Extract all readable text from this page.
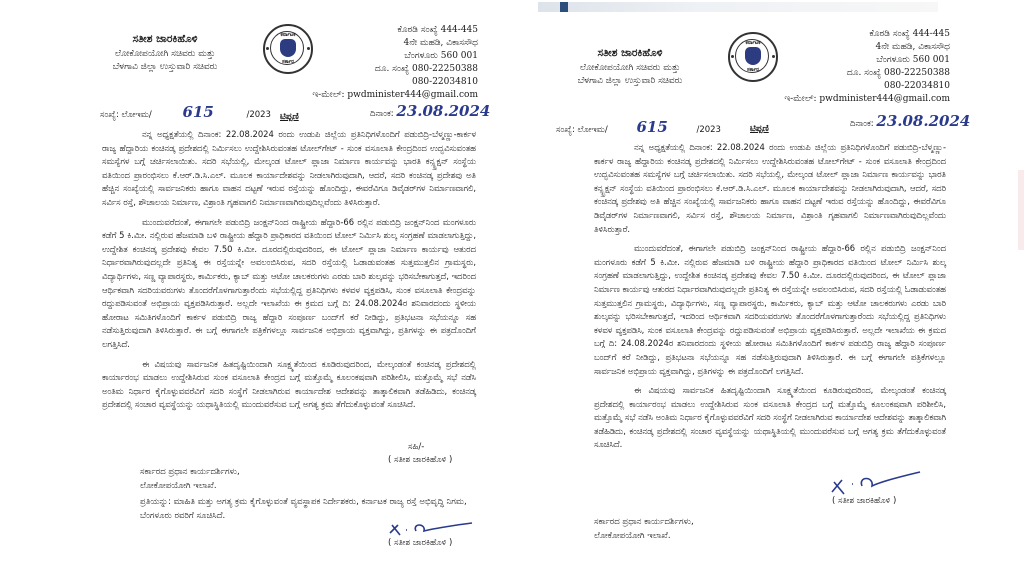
ಸತೀಶ ಜಾರಕಿಹೊಳಿ
ಲೋಕೋಪಯೋಗಿ ಸಚಿವರು ಮತ್ತು
ಬೆಳಗಾವಿ ಜಿಲ್ಲಾ ಉಸ್ತುವಾರಿ ಸಚಿವರು
ಕರ್ನಾಟಕ
ಸರ್ಕಾರ
ಕೊಠಡಿ ಸಂಖ್ಯೆ 444-445
4ನೇ ಮಹಡಿ, ವಿಕಾಸಸೌಧ
ಬೆಂಗಳೂರು 560 001
ದೂ. ಸಂಖ್ಯೆ 080-22250388
080-22034810
ಇ-ಮೇಲ್: pwdminister444@gmail.com
ಸಂಖ್ಯೆ: ಲೋಇಮ/ 615	/2023 ಟಿಪ್ಪಣಿ	ದಿನಾಂಕ: 23.08.2024

ನನ್ನ ಅಧ್ಯಕ್ಷತೆಯಲ್ಲಿ ದಿನಾಂಕ: 22.08.2024 ರಂದು ಉಡುಪಿ ಜಿಲ್ಲೆಯ ಪ್ರತಿನಿಧಿಗಳೊಂದಿಗೆ ಪಡುಬಿದ್ರಿ-ಬೆಳ್ಮಣ್ಣು-ಕಾರ್ಕಳ ರಾಜ್ಯ ಹೆದ್ದಾರಿಯ ಕಂಚಿನಡ್ಕ ಪ್ರದೇಶದಲ್ಲಿ ನಿರ್ಮಿಸಲು ಉದ್ದೇಶಿಸಿರುವಂತಹ ಟೋಲ್‌ಗೇಟ್ - ಸುಂಕ ವಸೂಲಾತಿ ಕೇಂದ್ರದಿಂದ ಉದ್ಭವಿಸುವಂತಹ ಸಮಸ್ಯೆಗಳ ಬಗ್ಗೆ ಚರ್ಚಿಸಲಾಯಿತು. ಸದರಿ ಸಭೆಯಲ್ಲಿ, ಮೇಲ್ಕಂಡ ಟೋಲ್ ಪ್ಲಾಜಾ ನಿರ್ಮಾಣ ಕಾರ್ಯವನ್ನು ಭಾರತಿ ಕನ್ಸ್ಟ್ರಕ್ಷನ್ ಸಂಸ್ಥೆಯ ವತಿಯಿಂದ ಪ್ರಾರಂಭಿಸಲು ಕೆ.ಆರ್.ಡಿ.ಸಿ.ಎಲ್. ಮೂಲಕ ಕಾರ್ಯಾದೇಶವನ್ನು ನೀಡಲಾಗಿರುವುದಾಗಿ, ಆದರೆ, ಸದರಿ ಕಂಚಿನಡ್ಕ ಪ್ರದೇಶವು ಅತಿ ಹೆಚ್ಚಿನ ಸಂಖ್ಯೆಯಲ್ಲಿ ಸಾರ್ವಜನಿಕರು ಹಾಗೂ ವಾಹನ ದಟ್ಟಣೆ ಇರುವ ರಸ್ತೆಯನ್ನು ಹೊಂದಿದ್ದು, ಈವರೆವಿಗೂ ಡಿವೈಡರ್‌ಗಳ ನಿರ್ಮಾಣವಾಗಲಿ, ಸರ್ವಿಸ ರಸ್ತೆ, ಶೌಚಾಲಯ ನಿರ್ಮಾಣ, ವಿಶ್ರಾಂತಿ ಗೃಹವಾಗಲಿ ನಿರ್ಮಾಣವಾಗಿರುವುದಿಲ್ಲವೆಂದು ತಿಳಿಸಿರುತ್ತಾರೆ.

ಮುಂದುವರೆದಂತೆ, ಈಗಾಗಲೇ ಪಡುಬಿದ್ರಿ ಜಂಕ್ಷನ್‌ನಿಂದ ರಾಷ್ಟ್ರೀಯ ಹೆದ್ದಾರಿ-66 ರಲ್ಲಿನ ಪಡುಬಿದ್ರಿ ಜಂಕ್ಷನ್‌ನಿಂದ ಮಂಗಳೂರು ಕಡೆಗೆ 5 ಕಿ.ಮೀ. ನಲ್ಲಿರುವ ಹೆಜಮಾಡಿ ಬಳಿ ರಾಷ್ಟ್ರೀಯ ಹೆದ್ದಾರಿ ಪ್ರಾಧಿಕಾರದ ವತಿಯಿಂದ ಟೋಲ್ ನಿರ್ಮಿಸಿ ಶುಲ್ಕ ಸಂಗ್ರಹಣೆ ಮಾಡಲಾಗುತ್ತಿದ್ದು, ಉದ್ದೇಶಿತ ಕಂಚಿನಡ್ಕ ಪ್ರದೇಶವು ಕೇವಲ 7.50 ಕಿ.ಮೀ. ದೂರದಲ್ಲಿರುವುದರಿಂದ, ಈ ಟೋಲ್ ಪ್ಲಾಜಾ ನಿರ್ಮಾಣ ಕಾರ್ಯವು ಆತುರದ ನಿರ್ಧಾರವಾಗಿರುವುದಲ್ಲದೇ ಪ್ರತಿನಿತ್ಯ ಈ ರಸ್ತೆಯನ್ನೇ ಅವಲಂಬಿಸಿರುವ, ಸದರಿ ರಸ್ತೆಯಲ್ಲಿ ಓಡಾಡುವಂತಹ ಸುತ್ತಮುತ್ತಲಿನ ಗ್ರಾಮಸ್ಥರು, ವಿದ್ಯಾರ್ಥಿಗಳು, ಸಣ್ಣ ವ್ಯಾಪಾರಸ್ಥರು, ಕಾರ್ಮಿಕರು, ಕ್ಯಾಬ್ ಮತ್ತು ಆಟೋ ಚಾಲಕರುಗಳು ಎರಡು ಬಾರಿ ಶುಲ್ಕವನ್ನು ಭರಿಸಬೇಕಾಗುತ್ತದೆ, ಇದರಿಂದ ಆರ್ಥಿಕವಾಗಿ ಸದರಿಯವರುಗಳು ತೊಂದರೆಗೊಳಗಾಗುತ್ತಾರೆಂದು ಸಭೆಯಲ್ಲಿದ್ದ ಪ್ರತಿನಿಧಿಗಳು ಕಳವಳ ವ್ಯಕ್ತಪಡಿಸಿ, ಸುಂಕ ವಸೂಲಾತಿ ಕೇಂದ್ರವನ್ನು ರದ್ದುಪಡಿಸುವಂತೆ ಅಭಿಪ್ರಾಯ ವ್ಯಕ್ತಪಡಿಸಿರುತ್ತಾರೆ. ಅಲ್ಲದೇ ಇಲಾಖೆಯ ಈ ಕ್ರಮದ ಬಗ್ಗೆ ದಿ: 24.08.2024ರ ಶನಿವಾರದಂದು ಸ್ಥಳೀಯ ಹೋರಾಟ ಸಮಿತಿಗಳೊಂದಿಗೆ ಕಾರ್ಕಳ ಪಡುಬಿದ್ರಿ ರಾಜ್ಯ ಹೆದ್ದಾರಿ ಸಂಪೂರ್ಣ ಬಂದ್‌ಗೆ ಕರೆ ನೀಡಿದ್ದು, ಪ್ರತಿಭಟನಾ ಸಭೆಯನ್ನೂ ಸಹ ನಡೆಸುತ್ತಿರುವುದಾಗಿ ತಿಳಿಸಿರುತ್ತಾರೆ. ಈ ಬಗ್ಗೆ ಈಗಾಗಲೇ ಪತ್ರಿಕೆಗಳಲ್ಲೂ ಸಾರ್ವಜನಿಕ ಅಭಿಪ್ರಾಯ ವ್ಯಕ್ತವಾಗಿದ್ದು, ಪ್ರತಿಗಳನ್ನು ಈ ಪತ್ರದೊಂದಿಗೆ ಲಗತ್ತಿಸಿದೆ.

ಈ ವಿಷಯವು ಸಾರ್ವಜನಿಕ ಹಿತದೃಷ್ಟಿಯಿಂದಾಗಿ ಸೂಕ್ಷ್ಮತೆಯಿಂದ ಕೂಡಿರುವುದರಿಂದ, ಮೇಲ್ಕಂಡಂತೆ ಕಂಚಿನಡ್ಕ ಪ್ರದೇಶದಲ್ಲಿ ಕಾರ್ಯಾರಂಭ ಮಾಡಲು ಉದ್ದೇಶಿಸಿರುವ ಸುಂಕ ವಸೂಲಾತಿ ಕೇಂದ್ರದ ಬಗ್ಗೆ ಮತ್ತೊಮ್ಮೆ ಕೂಲಂಕಷವಾಗಿ ಪರಿಶೀಲಿಸಿ, ಮತ್ತೊಮ್ಮೆ ಸಭೆ ನಡೆಸಿ ಅಂತಿಮ ನಿರ್ಧಾರ ಕೈಗೊಳ್ಳುವವರೆವಿಗೆ ಸದರಿ ಸಂಸ್ಥೆಗೆ ನೀಡಲಾಗಿರುವ ಕಾರ್ಯಾದೇಶ ಆದೇಶವನ್ನು ತಾತ್ಕಾಲಿಕವಾಗಿ ತಡೆಹಿಡಿದು, ಕಂಚಿನಡ್ಕ ಪ್ರದೇಶದಲ್ಲಿ ಸಂಚಾರ ವ್ಯವಸ್ಥೆಯನ್ನು ಯಥಾಸ್ಥಿತಿಯಲ್ಲಿ ಮುಂದುವರೆಸುವ ಬಗ್ಗೆ ಅಗತ್ಯ ಕ್ರಮ ತೆಗೆದುಕೊಳ್ಳುವಂತೆ ಸೂಚಿಸಿದೆ.

ಸಹಿ/-
( ಸತೀಶ ಜಾರಕಿಹೊಳಿ )
ಸರ್ಕಾರದ ಪ್ರಧಾನ ಕಾರ್ಯದರ್ಶಿಗಳು,
ಲೋಕೋಪಯೋಗಿ ಇಲಾಖೆ.
ಪ್ರತಿಯನ್ನು: ಮಾಹಿತಿ ಮತ್ತು ಅಗತ್ಯ ಕ್ರಮ ಕೈಗೊಳ್ಳುವಂತೆ ವ್ಯವಸ್ಥಾಪಕ ನಿರ್ದೇಶಕರು, ಕರ್ನಾಟಕ ರಾಜ್ಯ ರಸ್ತೆ ಅಭಿವೃದ್ಧಿ ನಿಗಮ, ಬೆಂಗಳೂರು ರವರಿಗೆ ಸೂಚಿಸಿದೆ.
( ಸತೀಶ ಜಾರಕಿಹೊಳಿ )
ಸತೀಶ ಜಾರಕಿಹೊಳಿ
ಲೋಕೋಪಯೋಗಿ ಸಚಿವರು ಮತ್ತು
ಬೆಳಗಾವಿ ಜಿಲ್ಲಾ ಉಸ್ತುವಾರಿ ಸಚಿವರು
ಕರ್ನಾಟಕ
ಸರ್ಕಾರ
ಕೊಠಡಿ ಸಂಖ್ಯೆ 444-445
4ನೇ ಮಹಡಿ, ವಿಕಾಸಸೌಧ
ಬೆಂಗಳೂರು 560 001
ದೂ. ಸಂಖ್ಯೆ 080-22250388
080-22034810
ಇ-ಮೇಲ್: pwdminister444@gmail.com
ಸಂಖ್ಯೆ: ಲೋಇಮ/ 615	/2023	ಟಿಪ್ಪಣಿ	ದಿನಾಂಕ: 23.08.2024

ನನ್ನ ಅಧ್ಯಕ್ಷತೆಯಲ್ಲಿ ದಿನಾಂಕ: 22.08.2024 ರಂದು ಉಡುಪಿ ಜಿಲ್ಲೆಯ ಪ್ರತಿನಿಧಿಗಳೊಂದಿಗೆ ಪಡುಬಿದ್ರಿ-ಬೆಳ್ಮಣ್ಣು-ಕಾರ್ಕಳ ರಾಜ್ಯ ಹೆದ್ದಾರಿಯ ಕಂಚಿನಡ್ಕ ಪ್ರದೇಶದಲ್ಲಿ ನಿರ್ಮಿಸಲು ಉದ್ದೇಶಿಸಿರುವಂತಹ ಟೋಲ್‌ಗೇಟ್ - ಸುಂಕ ವಸೂಲಾತಿ ಕೇಂದ್ರದಿಂದ ಉದ್ಭವಿಸುವಂತಹ ಸಮಸ್ಯೆಗಳ ಬಗ್ಗೆ ಚರ್ಚಿಸಲಾಯಿತು. ಸದರಿ ಸಭೆಯಲ್ಲಿ, ಮೇಲ್ಕಂಡ ಟೋಲ್ ಪ್ಲಾಜಾ ನಿರ್ಮಾಣ ಕಾರ್ಯವನ್ನು ಭಾರತಿ ಕನ್ಸ್ಟ್ರಕ್ಷನ್ ಸಂಸ್ಥೆಯ ವತಿಯಿಂದ ಪ್ರಾರಂಭಿಸಲು ಕೆ.ಆರ್.ಡಿ.ಸಿ.ಎಲ್. ಮೂಲಕ ಕಾರ್ಯಾದೇಶವನ್ನು ನೀಡಲಾಗಿರುವುದಾಗಿ, ಆದರೆ, ಸದರಿ ಕಂಚಿನಡ್ಕ ಪ್ರದೇಶವು ಅತಿ ಹೆಚ್ಚಿನ ಸಂಖ್ಯೆಯಲ್ಲಿ ಸಾರ್ವಜನಿಕರು ಹಾಗೂ ವಾಹನ ದಟ್ಟಣೆ ಇರುವ ರಸ್ತೆಯನ್ನು ಹೊಂದಿದ್ದು, ಈವರೆವಿಗೂ ಡಿವೈಡರ್‌ಗಳ ನಿರ್ಮಾಣವಾಗಲಿ, ಸರ್ವಿಸ ರಸ್ತೆ, ಶೌಚಾಲಯ ನಿರ್ಮಾಣ, ವಿಶ್ರಾಂತಿ ಗೃಹವಾಗಲಿ ನಿರ್ಮಾಣವಾಗಿರುವುದಿಲ್ಲವೆಂದು ತಿಳಿಸಿರುತ್ತಾರೆ.

ಮುಂದುವರೆದಂತೆ, ಈಗಾಗಲೇ ಪಡುಬಿದ್ರಿ ಜಂಕ್ಷನ್‌ನಿಂದ ರಾಷ್ಟ್ರೀಯ ಹೆದ್ದಾರಿ-66 ರಲ್ಲಿನ ಪಡುಬಿದ್ರಿ ಜಂಕ್ಷನ್‌ನಿಂದ ಮಂಗಳೂರು ಕಡೆಗೆ 5 ಕಿ.ಮೀ. ನಲ್ಲಿರುವ ಹೆಜಮಾಡಿ ಬಳಿ ರಾಷ್ಟ್ರೀಯ ಹೆದ್ದಾರಿ ಪ್ರಾಧಿಕಾರದ ವತಿಯಿಂದ ಟೋಲ್ ನಿರ್ಮಿಸಿ ಶುಲ್ಕ ಸಂಗ್ರಹಣೆ ಮಾಡಲಾಗುತ್ತಿದ್ದು, ಉದ್ದೇಶಿತ ಕಂಚಿನಡ್ಕ ಪ್ರದೇಶವು ಕೇವಲ 7.50 ಕಿ.ಮೀ. ದೂರದಲ್ಲಿರುವುದರಿಂದ, ಈ ಟೋಲ್ ಪ್ಲಾಜಾ ನಿರ್ಮಾಣ ಕಾರ್ಯವು ಆತುರದ ನಿರ್ಧಾರವಾಗಿರುವುದಲ್ಲದೇ ಪ್ರತಿನಿತ್ಯ ಈ ರಸ್ತೆಯನ್ನೇ ಅವಲಂಬಿಸಿರುವ, ಸದರಿ ರಸ್ತೆಯಲ್ಲಿ ಓಡಾಡುವಂತಹ ಸುತ್ತಮುತ್ತಲಿನ ಗ್ರಾಮಸ್ಥರು, ವಿದ್ಯಾರ್ಥಿಗಳು, ಸಣ್ಣ ವ್ಯಾಪಾರಸ್ಥರು, ಕಾರ್ಮಿಕರು, ಕ್ಯಾಬ್ ಮತ್ತು ಆಟೋ ಚಾಲಕರುಗಳು ಎರಡು ಬಾರಿ ಶುಲ್ಕವನ್ನು ಭರಿಸಬೇಕಾಗುತ್ತದೆ, ಇದರಿಂದ ಆರ್ಥಿಕವಾಗಿ ಸದರಿಯವರುಗಳು ತೊಂದರೆಗೊಳಗಾಗುತ್ತಾರೆಂದು ಸಭೆಯಲ್ಲಿದ್ದ ಪ್ರತಿನಿಧಿಗಳು ಕಳವಳ ವ್ಯಕ್ತಪಡಿಸಿ, ಸುಂಕ ವಸೂಲಾತಿ ಕೇಂದ್ರವನ್ನು ರದ್ದುಪಡಿಸುವಂತೆ ಅಭಿಪ್ರಾಯ ವ್ಯಕ್ತಪಡಿಸಿರುತ್ತಾರೆ. ಅಲ್ಲದೇ ಇಲಾಖೆಯ ಈ ಕ್ರಮದ ಬಗ್ಗೆ ದಿ: 24.08.2024ರ ಶನಿವಾರದಂದು ಸ್ಥಳೀಯ ಹೋರಾಟ ಸಮಿತಿಗಳೊಂದಿಗೆ ಕಾರ್ಕಳ ಪಡುಬಿದ್ರಿ ರಾಜ್ಯ ಹೆದ್ದಾರಿ ಸಂಪೂರ್ಣ ಬಂದ್‌ಗೆ ಕರೆ ನೀಡಿದ್ದು, ಪ್ರತಿಭಟನಾ ಸಭೆಯನ್ನೂ ಸಹ ನಡೆಸುತ್ತಿರುವುದಾಗಿ ತಿಳಿಸಿರುತ್ತಾರೆ. ಈ ಬಗ್ಗೆ ಈಗಾಗಲೇ ಪತ್ರಿಕೆಗಳಲ್ಲೂ ಸಾರ್ವಜನಿಕ ಅಭಿಪ್ರಾಯ ವ್ಯಕ್ತವಾಗಿದ್ದು, ಪ್ರತಿಗಳನ್ನು ಈ ಪತ್ರದೊಂದಿಗೆ ಲಗತ್ತಿಸಿದೆ.

ಈ ವಿಷಯವು ಸಾರ್ವಜನಿಕ ಹಿತದೃಷ್ಟಿಯಿಂದಾಗಿ ಸೂಕ್ಷ್ಮತೆಯಿಂದ ಕೂಡಿರುವುದರಿಂದ, ಮೇಲ್ಕಂಡಂತೆ ಕಂಚಿನಡ್ಕ ಪ್ರದೇಶದಲ್ಲಿ ಕಾರ್ಯಾರಂಭ ಮಾಡಲು ಉದ್ದೇಶಿಸಿರುವ ಸುಂಕ ವಸೂಲಾತಿ ಕೇಂದ್ರದ ಬಗ್ಗೆ ಮತ್ತೊಮ್ಮೆ ಕೂಲಂಕಷವಾಗಿ ಪರಿಶೀಲಿಸಿ, ಮತ್ತೊಮ್ಮೆ ಸಭೆ ನಡೆಸಿ ಅಂತಿಮ ನಿರ್ಧಾರ ಕೈಗೊಳ್ಳುವವರೆವಿಗೆ ಸದರಿ ಸಂಸ್ಥೆಗೆ ನೀಡಲಾಗಿರುವ ಕಾರ್ಯಾದೇಶ ಆದೇಶವನ್ನು ತಾತ್ಕಾಲಿಕವಾಗಿ ತಡೆಹಿಡಿದು, ಕಂಚಿನಡ್ಕ ಪ್ರದೇಶದಲ್ಲಿ ಸಂಚಾರ ವ್ಯವಸ್ಥೆಯನ್ನು ಯಥಾಸ್ಥಿತಿಯಲ್ಲಿ ಮುಂದುವರೆಸುವ ಬಗ್ಗೆ ಅಗತ್ಯ ಕ್ರಮ ತೆಗೆದುಕೊಳ್ಳುವಂತೆ ಸೂಚಿಸಿದೆ.

( ಸತೀಶ ಜಾರಕಿಹೊಳಿ )
ಸರ್ಕಾರದ ಪ್ರಧಾನ ಕಾರ್ಯದರ್ಶಿಗಳು,
ಲೋಕೋಪಯೋಗಿ ಇಲಾಖೆ.
